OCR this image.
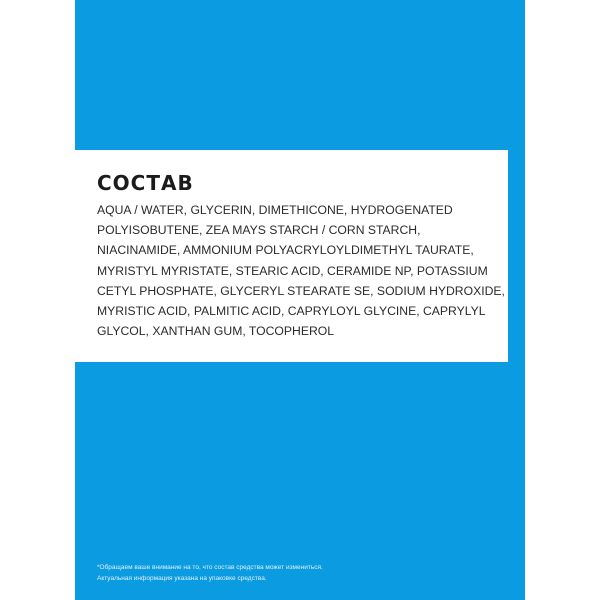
СОСТАВ
AQUA / WATER, GLYCERIN, DIMETHICONE, HYDROGENATED
POLYISOBUTENE, ZEA MAYS STARCH / CORN STARCH,
NIACINAMIDE, AMMONIUM POLYACRYLOYLDIMETHYL TAURATE,
MYRISTYL MYRISTATE, STEARIC ACID, CERAMIDE NP, POTASSIUM
CETYL PHOSPHATE, GLYCERYL STEARATE SE, SODIUM HYDROXIDE,
MYRISTIC ACID, PALMITIC ACID, CAPRYLOYL GLYCINE, CAPRYLYL
GLYCOL, XANTHAN GUM, TOCOPHEROL
*Обращаем ваше внимание на то, что состав средства может измениться.
Актуальная информация указана на упаковке средства.
